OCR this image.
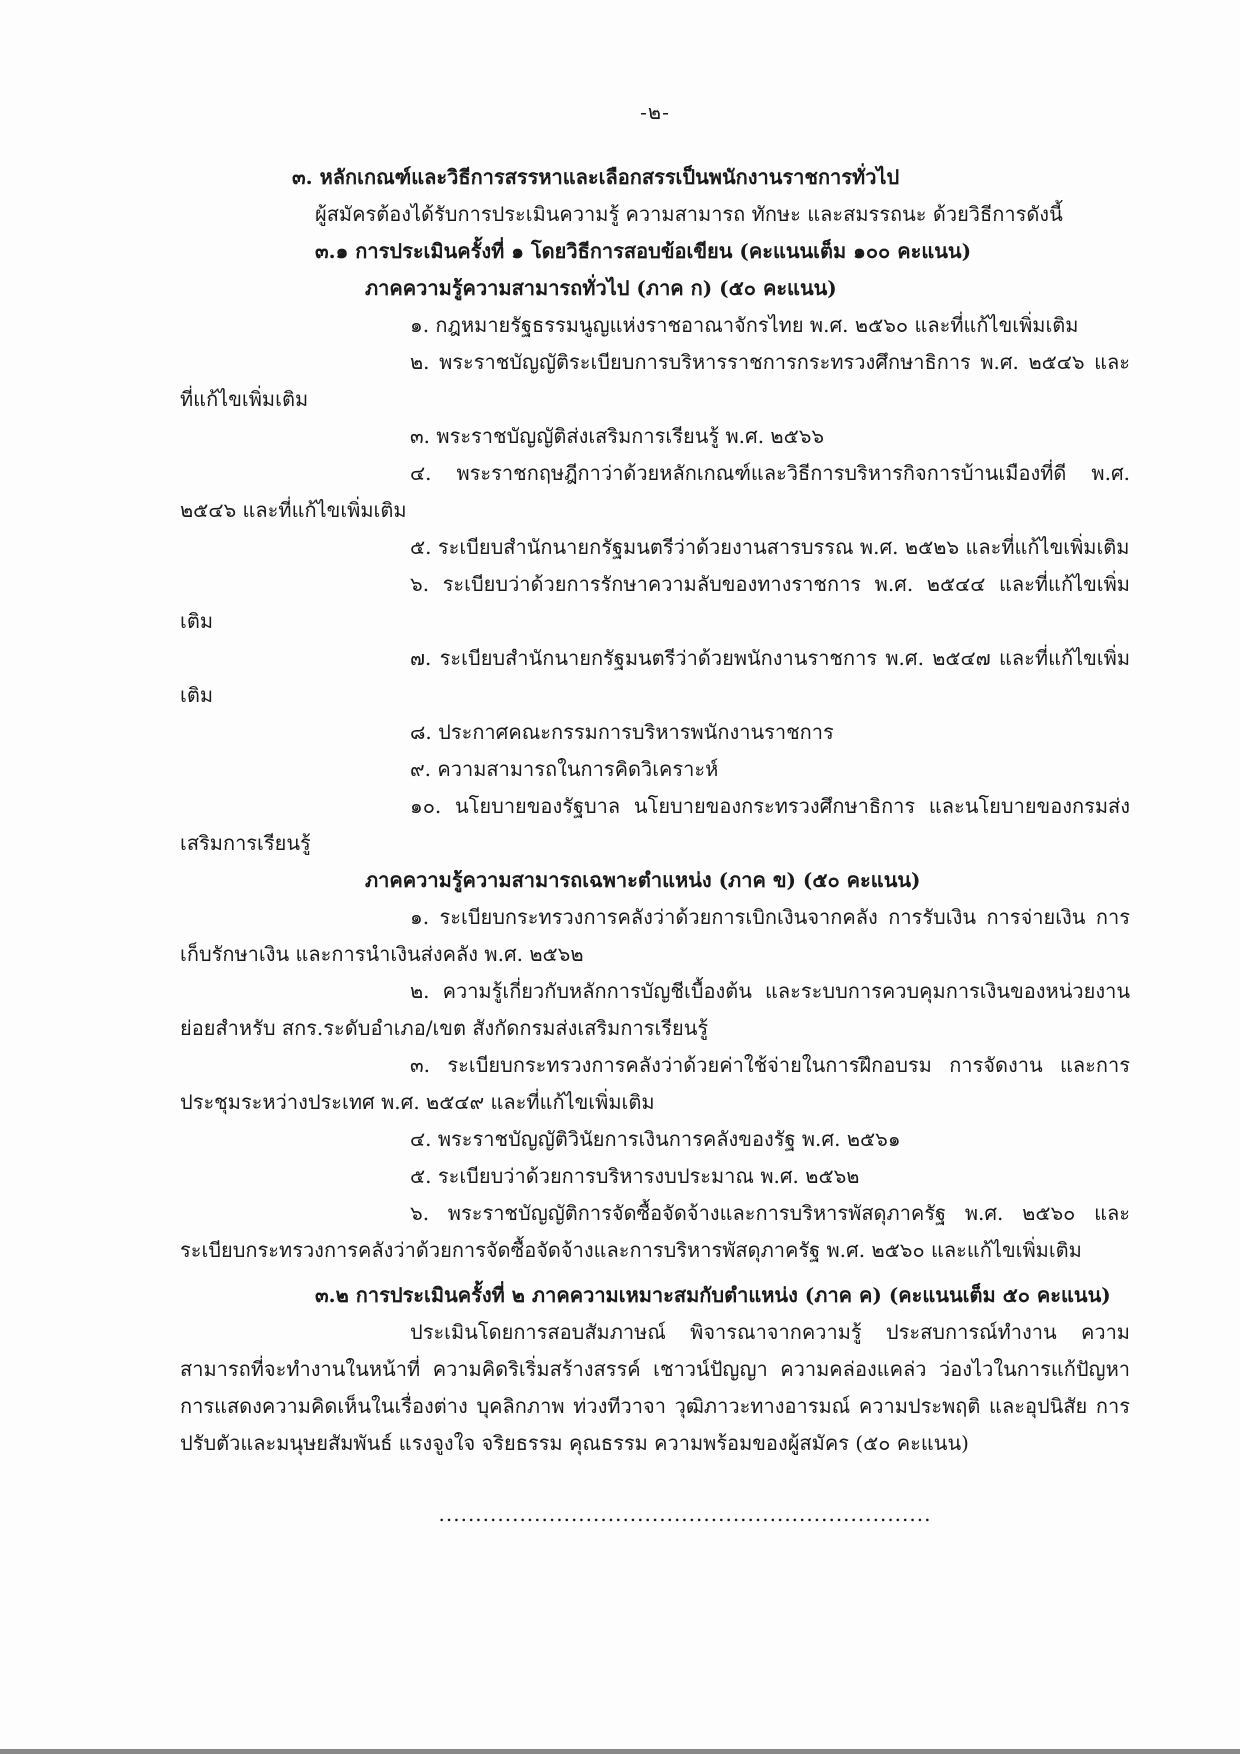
-๒-
๓. หลักเกณฑ์และวิธีการสรรหาและเลือกสรรเป็นพนักงานราชการทั่วไป
ผู้สมัครต้องได้รับการประเมินความรู้ ความสามารถ ทักษะ และสมรรถนะ ด้วยวิธีการดังนี้
๓.๑ การประเมินครั้งที่ ๑ โดยวิธีการสอบข้อเขียน (คะแนนเต็ม ๑๐๐ คะแนน)
ภาคความรู้ความสามารถทั่วไป (ภาค ก) (๕๐ คะแนน)
๑. กฎหมายรัฐธรรมนูญแห่งราชอาณาจักรไทย พ.ศ. ๒๕๖๐ และที่แก้ไขเพิ่มเติม
๒. พระราชบัญญัติระเบียบการบริหารราชการกระทรวงศึกษาธิการ พ.ศ. ๒๕๔๖ และที่แก้ไขเพิ่มเติม
๓. พระราชบัญญัติส่งเสริมการเรียนรู้ พ.ศ. ๒๕๖๖
๔. พระราชกฤษฎีกาว่าด้วยหลักเกณฑ์และวิธีการบริหารกิจการบ้านเมืองที่ดี พ.ศ. ๒๕๔๖ และที่แก้ไขเพิ่มเติม
๕. ระเบียบสำนักนายกรัฐมนตรีว่าด้วยงานสารบรรณ พ.ศ. ๒๕๒๖ และที่แก้ไขเพิ่มเติม
๖. ระเบียบว่าด้วยการรักษาความลับของทางราชการ พ.ศ. ๒๕๔๔ และที่แก้ไขเพิ่มเติม
๗. ระเบียบสำนักนายกรัฐมนตรีว่าด้วยพนักงานราชการ พ.ศ. ๒๕๔๗ และที่แก้ไขเพิ่มเติม
๘. ประกาศคณะกรรมการบริหารพนักงานราชการ
๙. ความสามารถในการคิดวิเคราะห์
๑๐. นโยบายของรัฐบาล นโยบายของกระทรวงศึกษาธิการ และนโยบายของกรมส่งเสริมการเรียนรู้
ภาคความรู้ความสามารถเฉพาะตำแหน่ง (ภาค ข) (๕๐ คะแนน)
๑. ระเบียบกระทรวงการคลังว่าด้วยการเบิกเงินจากคลัง การรับเงิน การจ่ายเงิน การเก็บรักษาเงิน และการนำเงินส่งคลัง พ.ศ. ๒๕๖๒
๒. ความรู้เกี่ยวกับหลักการบัญชีเบื้องต้น และระบบการควบคุมการเงินของหน่วยงานย่อยสำหรับ สกร.ระดับอำเภอ/เขต สังกัดกรมส่งเสริมการเรียนรู้
๓. ระเบียบกระทรวงการคลังว่าด้วยค่าใช้จ่ายในการฝึกอบรม การจัดงาน และการประชุมระหว่างประเทศ พ.ศ. ๒๕๔๙ และที่แก้ไขเพิ่มเติม
๔. พระราชบัญญัติวินัยการเงินการคลังของรัฐ พ.ศ. ๒๕๖๑
๕. ระเบียบว่าด้วยการบริหารงบประมาณ พ.ศ. ๒๕๖๒
๖. พระราชบัญญัติการจัดซื้อจัดจ้างและการบริหารพัสดุภาครัฐ พ.ศ. ๒๕๖๐ และระเบียบกระทรวงการคลังว่าด้วยการจัดซื้อจัดจ้างและการบริหารพัสดุภาครัฐ พ.ศ. ๒๕๖๐ และแก้ไขเพิ่มเติม
๓.๒ การประเมินครั้งที่ ๒ ภาคความเหมาะสมกับตำแหน่ง (ภาค ค) (คะแนนเต็ม ๕๐ คะแนน)
ประเมินโดยการสอบสัมภาษณ์ พิจารณาจากความรู้ ประสบการณ์ทำงาน ความสามารถที่จะทำงานในหน้าที่ ความคิดริเริ่มสร้างสรรค์ เชาวน์ปัญญา ความคล่องแคล่ว ว่องไวในการแก้ปัญหา การแสดงความคิดเห็นในเรื่องต่าง บุคลิกภาพ ท่วงทีวาจา วุฒิภาวะทางอารมณ์ ความประพฤติ และอุปนิสัย การปรับตัวและมนุษยสัมพันธ์ แรงจูงใจ จริยธรรม คุณธรรม ความพร้อมของผู้สมัคร (๕๐ คะแนน)
...................................................................
